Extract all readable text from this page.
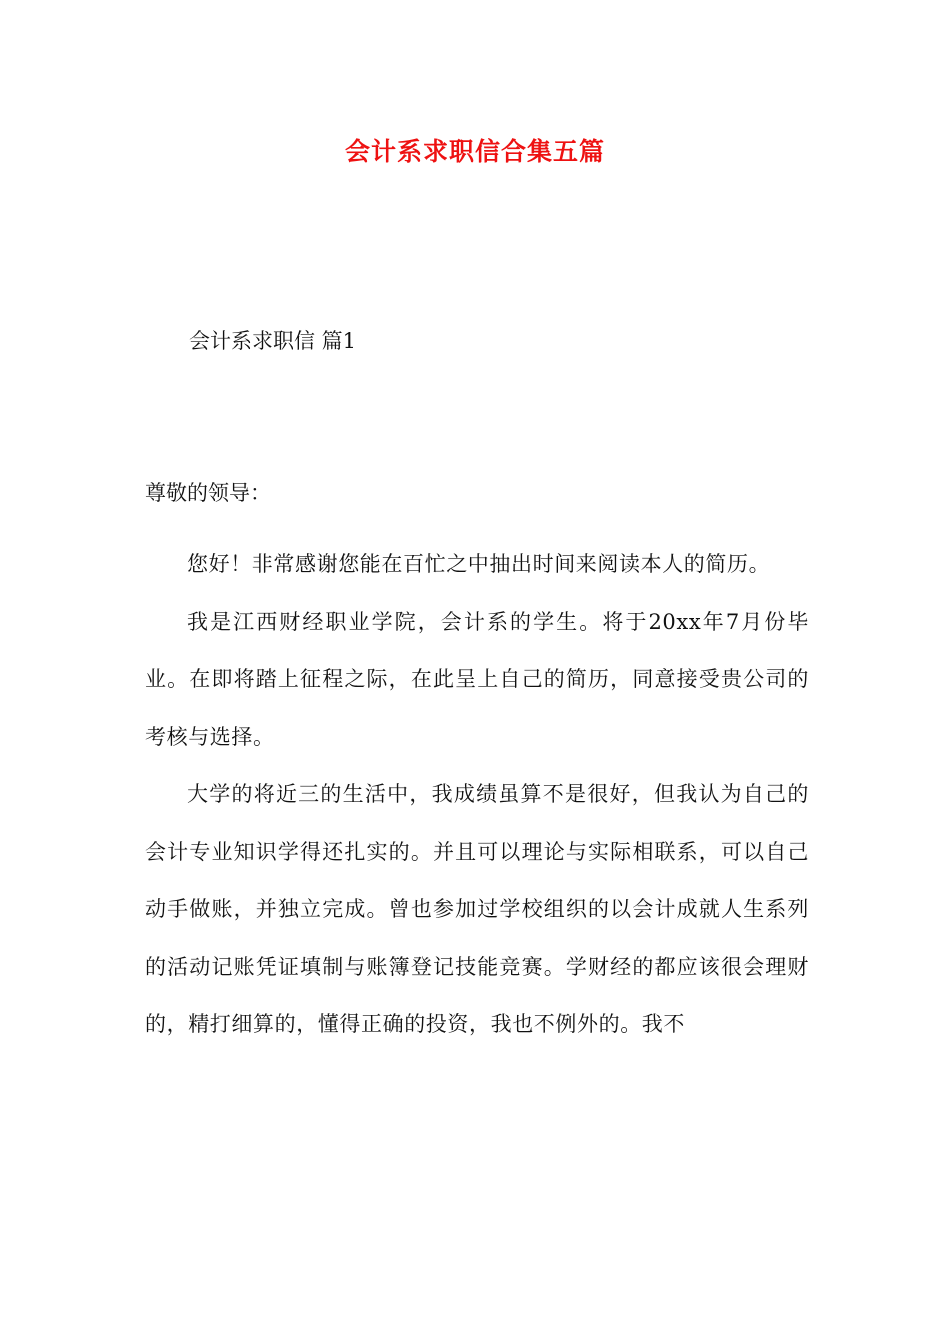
会计系求职信合集五篇
会计系求职信 篇1
尊敬的领导：

您好！非常感谢您能在百忙之中抽出时间来阅读本人的简历。

我是江西财经职业学院，会计系的学生。将于20xx年7月份毕业。在即将踏上征程之际，在此呈上自己的简历，同意接受贵公司的考核与选择。

大学的将近三的生活中，我成绩虽算不是很好，但我认为自己的会计专业知识学得还扎实的。并且可以理论与实际相联系，可以自己动手做账，并独立完成。曾也参加过学校组织的以会计成就人生系列的活动记账凭证填制与账簿登记技能竞赛。学财经的都应该很会理财的，精打细算的，懂得正确的投资，我也不例外的。我不
